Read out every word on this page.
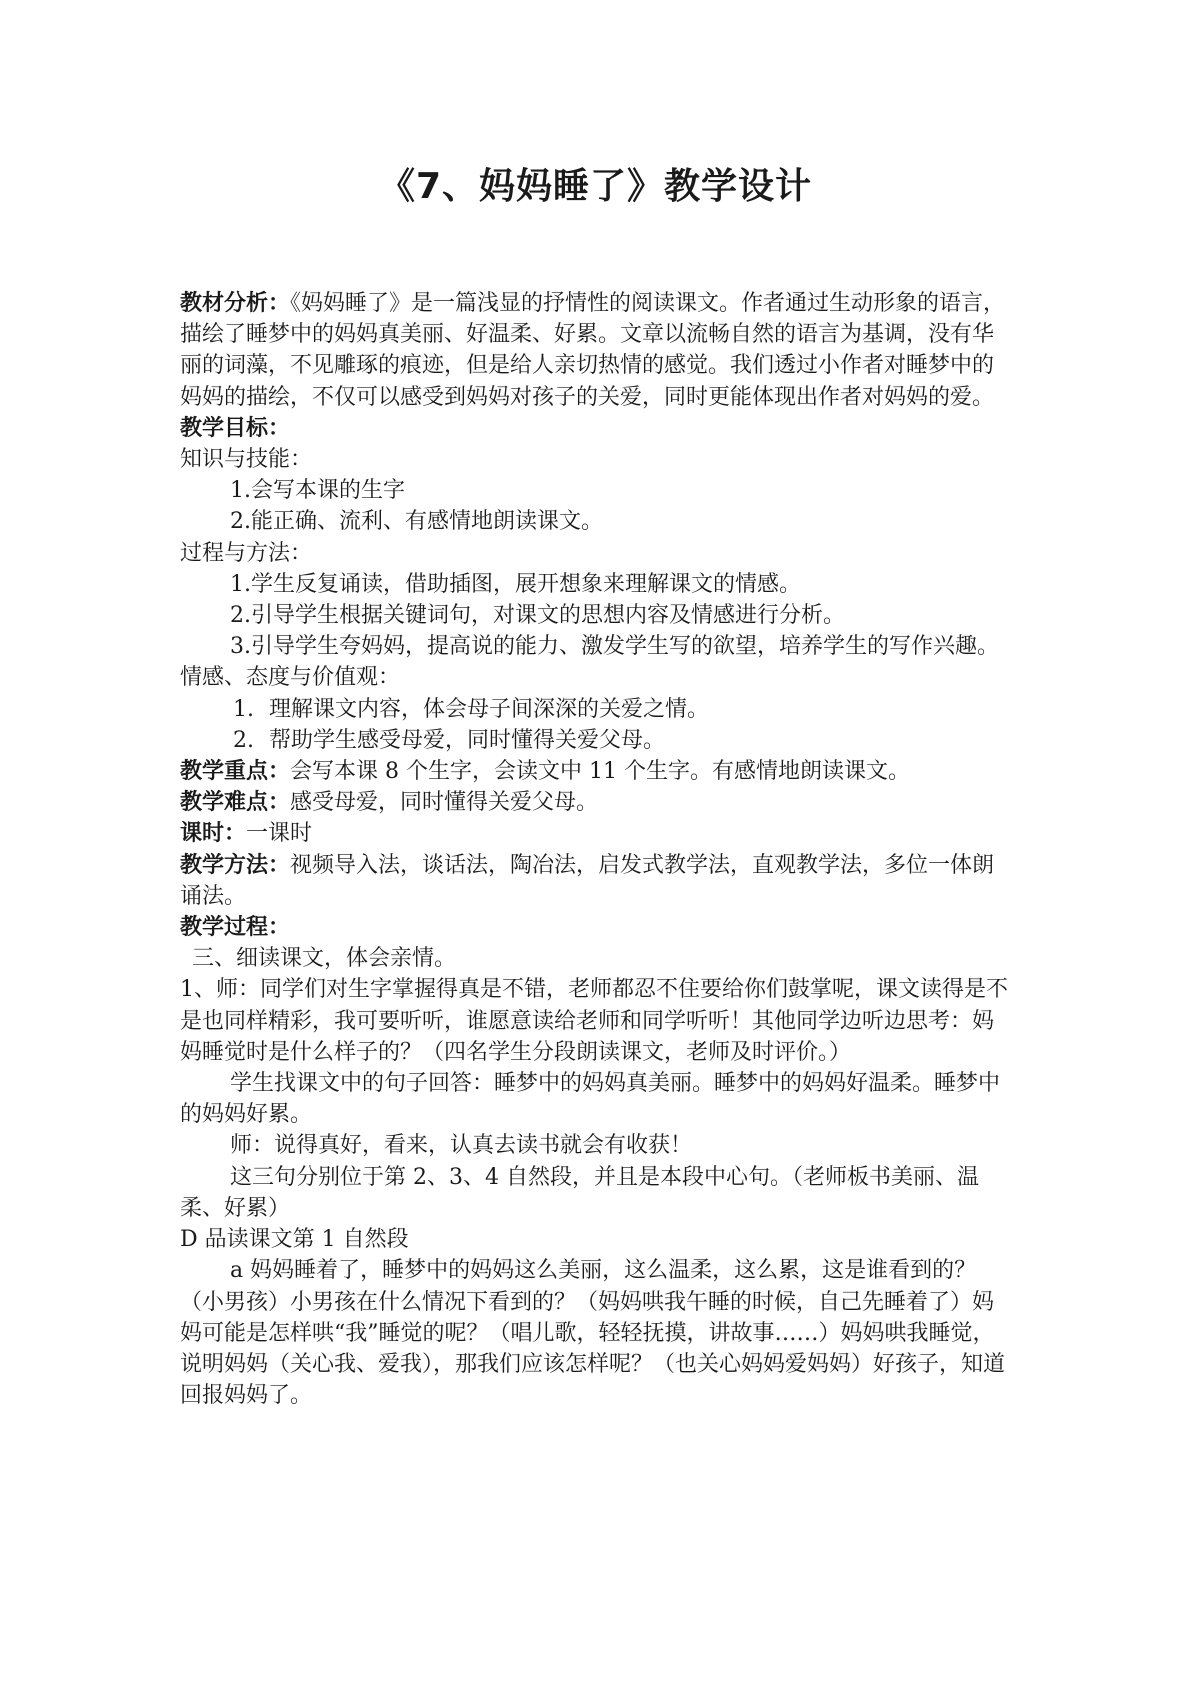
《7、妈妈睡了》教学设计

教材分析：《妈妈睡了》是一篇浅显的抒情性的阅读课文。作者通过生动形象的语言，描绘了睡梦中的妈妈真美丽、好温柔、好累。文章以流畅自然的语言为基调，没有华丽的词藻，不见雕琢的痕迹，但是给人亲切热情的感觉。我们透过小作者对睡梦中的妈妈的描绘，不仅可以感受到妈妈对孩子的关爱，同时更能体现出作者对妈妈的爱。

教学目标：

知识与技能：

1.会写本课的生字

2.能正确、流利、有感情地朗读课文。

过程与方法：

1.学生反复诵读，借助插图，展开想象来理解课文的情感。

2.引导学生根据关键词句，对课文的思想内容及情感进行分析。

3.引导学生夸妈妈，提高说的能力、激发学生写的欲望，培养学生的写作兴趣。

情感、态度与价值观：

1. 理解课文内容，体会母子间深深的关爱之情。

2. 帮助学生感受母爱，同时懂得关爱父母。

教学重点：会写本课 8 个生字，会读文中 11 个生字。有感情地朗读课文。

教学难点：感受母爱，同时懂得关爱父母。

课时：一课时

教学方法：视频导入法，谈话法，陶冶法，启发式教学法，直观教学法，多位一体朗诵法。

教学过程：

三、细读课文，体会亲情。

1、师：同学们对生字掌握得真是不错，老师都忍不住要给你们鼓掌呢，课文读得是不是也同样精彩，我可要听听，谁愿意读给老师和同学听听！其他同学边听边思考：妈妈睡觉时是什么样子的？（四名学生分段朗读课文，老师及时评价。）

学生找课文中的句子回答：睡梦中的妈妈真美丽。睡梦中的妈妈好温柔。睡梦中的妈妈好累。

师：说得真好，看来，认真去读书就会有收获！

这三句分别位于第 2、3、4 自然段，并且是本段中心句。（老师板书美丽、温柔、好累）

D 品读课文第 1 自然段

a 妈妈睡着了，睡梦中的妈妈这么美丽，这么温柔，这么累，这是谁看到的？（小男孩）小男孩在什么情况下看到的？（妈妈哄我午睡的时候，自己先睡着了）妈妈可能是怎样哄“我”睡觉的呢？（唱儿歌，轻轻抚摸，讲故事……）妈妈哄我睡觉，说明妈妈（关心我、爱我），那我们应该怎样呢？（也关心妈妈爱妈妈）好孩子，知道回报妈妈了。
